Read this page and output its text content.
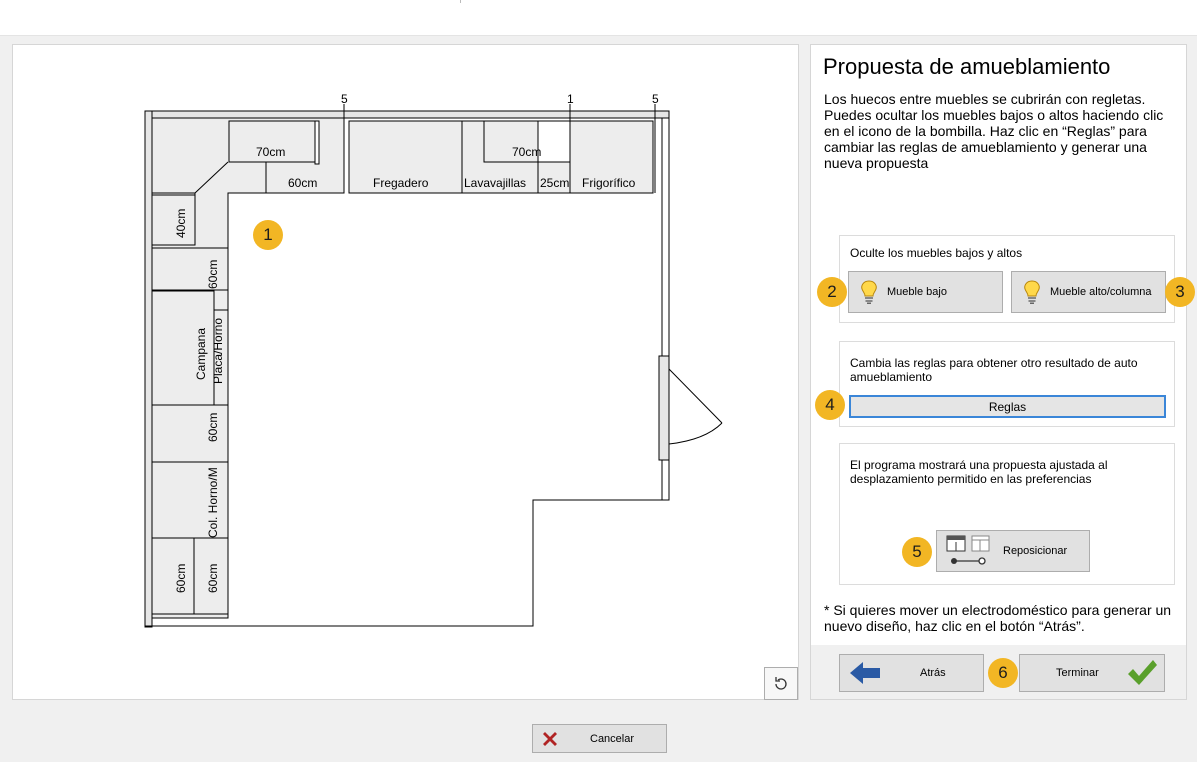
5	1	5
70cm
60cm	Fregadero	Lavavajillas 25cm
70cm
Frigorífico
40cm
60cm
Campana Placa/Horno
60cm
Col. Horno/M
60cm 60cm
1
Propuesta de amueblamiento
Los huecos entre muebles se cubrirán con regletas. Puedes ocultar los muebles bajos o altos haciendo clic en el icono de la bombilla. Haz clic en “Reglas” para cambiar las reglas de amueblamiento y generar una nueva propuesta
Oculte los muebles bajos y altos
Mueble bajo	Mueble alto/columna
2	3
Cambia las reglas para obtener otro resultado de auto amueblamiento
Reglas
4
El programa mostrará una propuesta ajustada al desplazamiento permitido en las preferencias
Reposicionar
5
* Si quieres mover un electrodoméstico para generar un nuevo diseño, haz clic en el botón “Atrás”.
Atrás	Terminar
6
Cancelar
